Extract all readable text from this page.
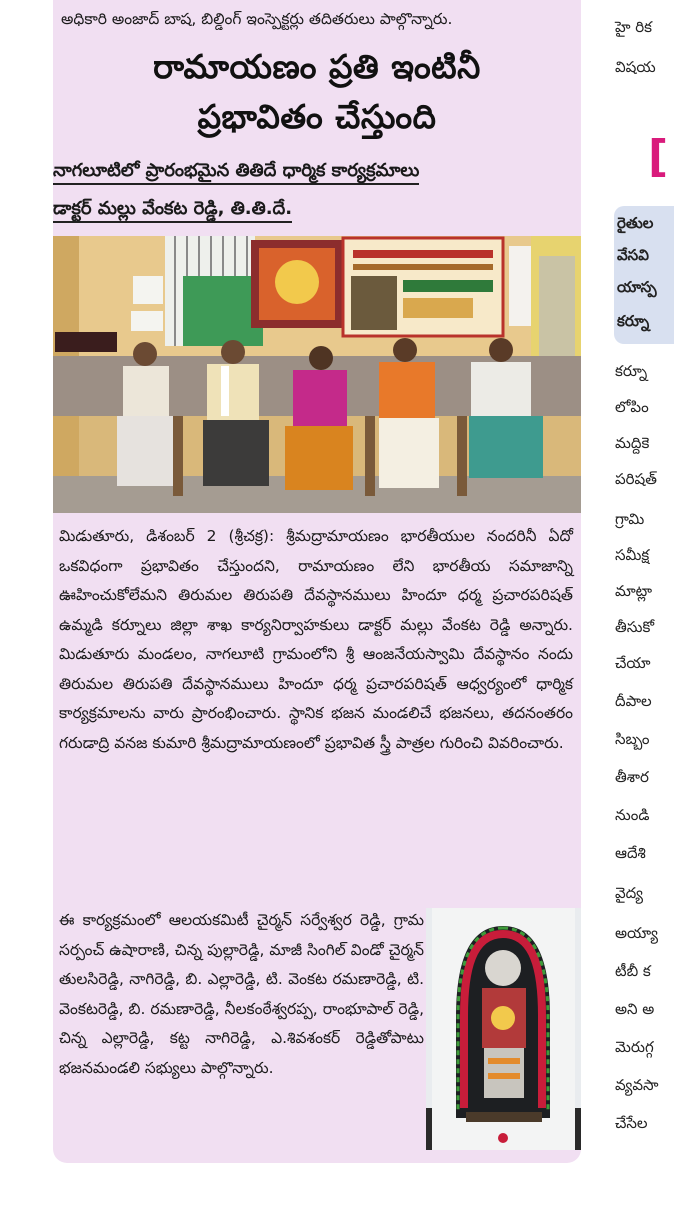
అధికారి అంజాద్ బాష, బిల్డింగ్ ఇంస్పెక్టర్లు తదితరులు పాల్గొన్నారు.
రామాయణం ప్రతి ఇంటినీ
ప్రభావితం చేస్తుంది
నాగలూటిలో ప్రారంభమైన తితిదే ధార్మిక కార్యక్రమాలు
డాక్టర్ మల్లు వేంకట రెడ్డి, తి.తి.దే.

మిడుతూరు, డిశంబర్ 2 (శ్రీచక్ర): శ్రీమద్రామాయణం భారతీయుల నందరినీ ఏదో ఒకవిధంగా ప్రభావితం చేస్తుందని, రామాయణం లేని భారతీయ సమాజాన్ని ఊహించుకోలేమని తిరుమల తిరుపతి దేవస్థానములు హిందూ ధర్మ ప్రచారపరిషత్ ఉమ్మడి కర్నూలు జిల్లా శాఖ కార్యనిర్వాహకులు డాక్టర్ మల్లు వేంకట రెడ్డి అన్నారు. మిడుతూరు మండలం, నాగలూటి గ్రామంలోని శ్రీ ఆంజనేయస్వామి దేవస్థానం నందు తిరుమల తిరుపతి దేవస్థానములు హిందూ ధర్మ ప్రచారపరిషత్ ఆధ్వర్యంలో ధార్మిక కార్యక్రమాలను వారు ప్రారంభించారు. స్థానిక భజన మండలిచే భజనలు, తదనంతరం గరుడాద్రి వనజ కుమారి శ్రీమద్రామాయణంలో ప్రభావిత స్త్రీ పాత్రల గురించి వివరించారు.

ఈ కార్యక్రమంలో ఆలయకమిటీ చైర్మన్ సర్వేశ్వర రెడ్డి, గ్రామ సర్పంచ్ ఉషారాణి, చిన్న పుల్లారెడ్డి, మాజీ సింగిల్ విండో చైర్మన్ తులసిరెడ్డి, నాగిరెడ్డి, బి. ఎల్లారెడ్డి, టి. వెంకట రమణారెడ్డి, టి. వెంకటరెడ్డి, బి. రమణారెడ్డి, నీలకంఠేశ్వరప్ప, రాంభూపాల్ రెడ్డి, చిన్న ఎల్లారెడ్డి, కట్ట నాగిరెడ్డి, ఎ.శివశంకర్ రెడ్డితోపాటు భజనమండలి సభ్యులు పాల్గొన్నారు.

హై రిక
విషయ
[
రైతుల
వేసవి
యాస్ప
కర్నూ
కర్నూ
లోపిం
మద్దికె
పరిషత్
గ్రామి
సమీక్ష
మాట్లా
తీసుకో
చేయా
దీపాల
సిబ్బం
తీశార
నుండి
ఆదేశి
వైద్య
అయ్యా
టీబీ క
అని అ
మెరుగ్గ
వ్యవసా
చేసేల
